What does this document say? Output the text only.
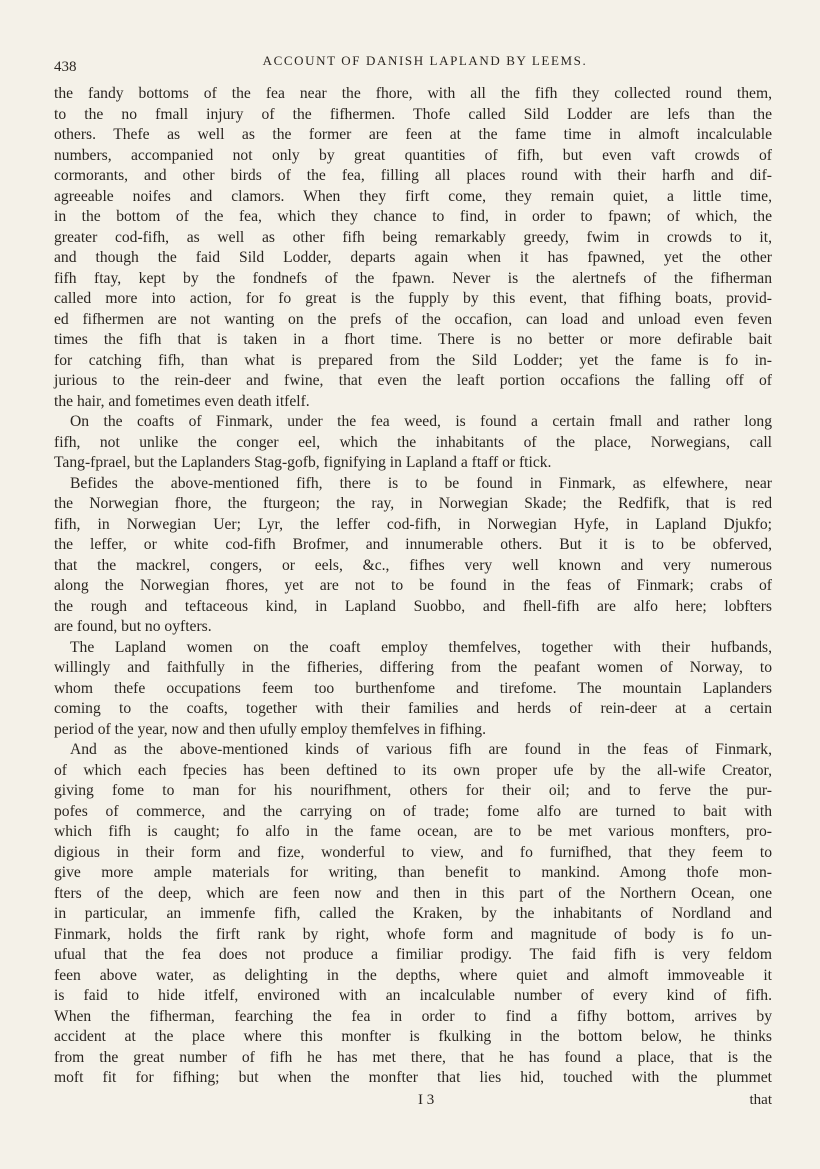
438	ACCOUNT OF DANISH LAPLAND BY LEEMS.
the fandy bottoms of the fea near the fhore, with all the fifh they collected round them,
to the no fmall injury of the fifhermen. Thofe called Sild Lodder are lefs than the
others. Thefe as well as the former are feen at the fame time in almoft incalculable
numbers, accompanied not only by great quantities of fifh, but even vaft crowds of
cormorants, and other birds of the fea, filling all places round with their harfh and dif-
agreeable noifes and clamors. When they firft come, they remain quiet, a little time,
in the bottom of the fea, which they chance to find, in order to fpawn; of which, the
greater cod-fifh, as well as other fifh being remarkably greedy, fwim in crowds to it,
and though the faid Sild Lodder, departs again when it has fpawned, yet the other
fifh ftay, kept by the fondnefs of the fpawn. Never is the alertnefs of the fifherman
called more into action, for fo great is the fupply by this event, that fifhing boats, provid-
ed fifhermen are not wanting on the prefs of the occafion, can load and unload even feven
times the fifh that is taken in a fhort time. There is no better or more defirable bait
for catching fifh, than what is prepared from the Sild Lodder; yet the fame is fo in-
jurious to the rein-deer and fwine, that even the leaft portion occafions the falling off of
the hair, and fometimes even death itfelf.
On the coafts of Finmark, under the fea weed, is found a certain fmall and rather long
fifh, not unlike the conger eel, which the inhabitants of the place, Norwegians, call
Tang-fprael, but the Laplanders Stag-gofb, fignifying in Lapland a ftaff or ftick.
Befides the above-mentioned fifh, there is to be found in Finmark, as elfewhere, near
the Norwegian fhore, the fturgeon; the ray, in Norwegian Skade; the Redfifk, that is red
fifh, in Norwegian Uer; Lyr, the leffer cod-fifh, in Norwegian Hyfe, in Lapland Djukfo;
the leffer, or white cod-fifh Brofmer, and innumerable others. But it is to be obferved,
that the mackrel, congers, or eels, &c., fifhes very well known and very numerous
along the Norwegian fhores, yet are not to be found in the feas of Finmark; crabs of
the rough and teftaceous kind, in Lapland Suobbo, and fhell-fifh are alfo here; lobfters
are found, but no oyfters.
The Lapland women on the coaft employ themfelves, together with their hufbands,
willingly and faithfully in the fifheries, differing from the peafant women of Norway, to
whom thefe occupations feem too burthenfome and tirefome. The mountain Laplanders
coming to the coafts, together with their families and herds of rein-deer at a certain
period of the year, now and then ufully employ themfelves in fifhing.
And as the above-mentioned kinds of various fifh are found in the feas of Finmark,
of which each fpecies has been deftined to its own proper ufe by the all-wife Creator,
giving fome to man for his nourifhment, others for their oil; and to ferve the pur-
pofes of commerce, and the carrying on of trade; fome alfo are turned to bait with
which fifh is caught; fo alfo in the fame ocean, are to be met various monfters, pro-
digious in their form and fize, wonderful to view, and fo furnifhed, that they feem to
give more ample materials for writing, than benefit to mankind. Among thofe mon-
fters of the deep, which are feen now and then in this part of the Northern Ocean, one
in particular, an immenfe fifh, called the Kraken, by the inhabitants of Nordland and
Finmark, holds the firft rank by right, whofe form and magnitude of body is fo un-
ufual that the fea does not produce a fimiliar prodigy. The faid fifh is very feldom
feen above water, as delighting in the depths, where quiet and almoft immoveable it
is faid to hide itfelf, environed with an incalculable number of every kind of fifh.
When the fifherman, fearching the fea in order to find a fifhy bottom, arrives by
accident at the place where this monfter is fkulking in the bottom below, he thinks
from the great number of fifh he has met there, that he has found a place, that is the
moft fit for fifhing; but when the monfter that lies hid, touched with the plummet
I 3	that
